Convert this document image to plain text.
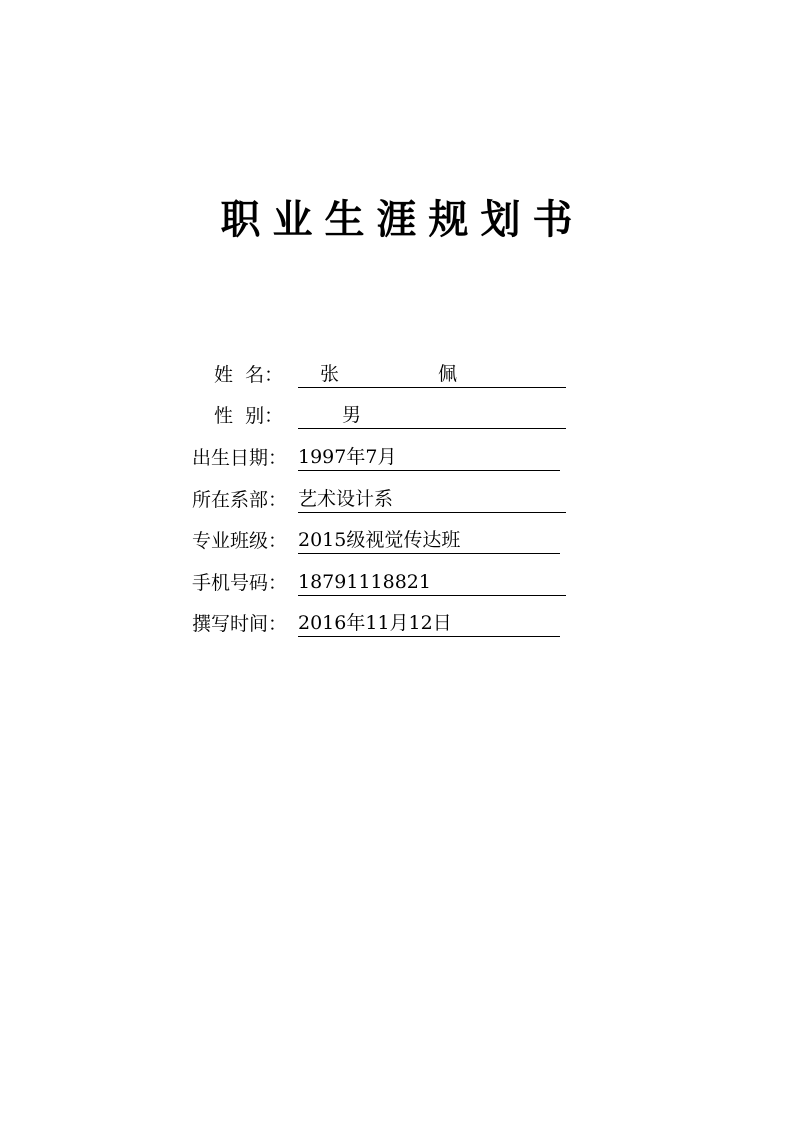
职业生涯规划书
姓  名：

	张

	佩

性  别：

	男

出生日期：

1997年7月

所在系部：

艺术设计系

专业班级：

2015级视觉传达班

手机号码：

18791118821

撰写时间：

2016年11月12日
